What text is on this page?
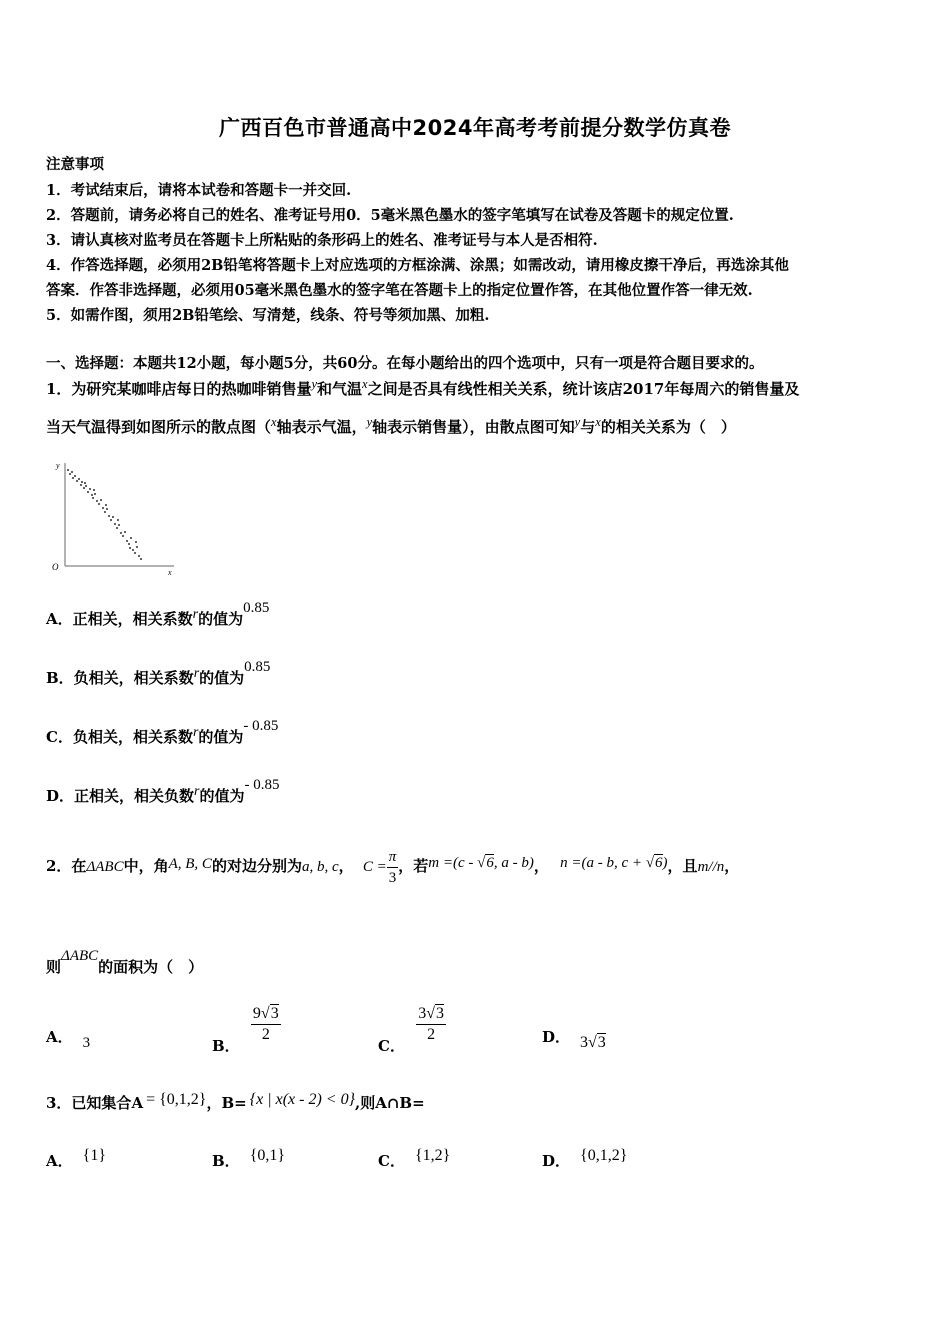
广西百色市普通高中2024年高考考前提分数学仿真卷
注意事项
1．考试结束后，请将本试卷和答题卡一并交回.
2．答题前，请务必将自己的姓名、准考证号用0．5毫米黑色墨水的签字笔填写在试卷及答题卡的规定位置.
3．请认真核对监考员在答题卡上所粘贴的条形码上的姓名、准考证号与本人是否相符.
4．作答选择题，必须用2B铅笔将答题卡上对应选项的方框涂满、涂黑；如需改动，请用橡皮擦干净后，再选涂其他
答案．作答非选择题，必须用05毫米黑色墨水的签字笔在答题卡上的指定位置作答，在其他位置作答一律无效.
5．如需作图，须用2B铅笔绘、写清楚，线条、符号等须加黑、加粗.
一、选择题：本题共12小题，每小题5分，共60分。在每小题给出的四个选项中，只有一项是符合题目要求的。
1．为研究某咖啡店每日的热咖啡销售量$^y$和气温$^x$之间是否具有线性相关关系，统计该店2017年每周六的销售量及
当天气温得到如图所示的散点图（$^x$轴表示气温，$^y$轴表示销售量），由散点图可知$^y$与$^x$的相关关系为（　）
y
x
O
A．正相关，相关系数$^r$的值为$^{0.85}$
B．负相关，相关系数$^r$的值为$^{0.85}$
C．负相关，相关系数$^r$的值为$^{- 0.85}$
D．正相关，相关负数$^r$的值为$^{- 0.85}$
2．在ΔABC中，角A, B, C的对边分别为a, b, c， $C = \frac{\pi}{3}$ ，若m =(c - √6, a - b)， n =(a - b, c + √6)，且m//n，
则$^{\Delta ABC}$的面积为（　）
A． 3	B．
$\frac{9√3}{2}$
C．
$\frac{3√3}{2}$	D． 3√3
3．已知集合A = {0,1,2}，B= {x | x(x - 2) < 0},则A∩B=
A． {1}	B． {0,1}	C． {1,2}	D． {0,1,2}
